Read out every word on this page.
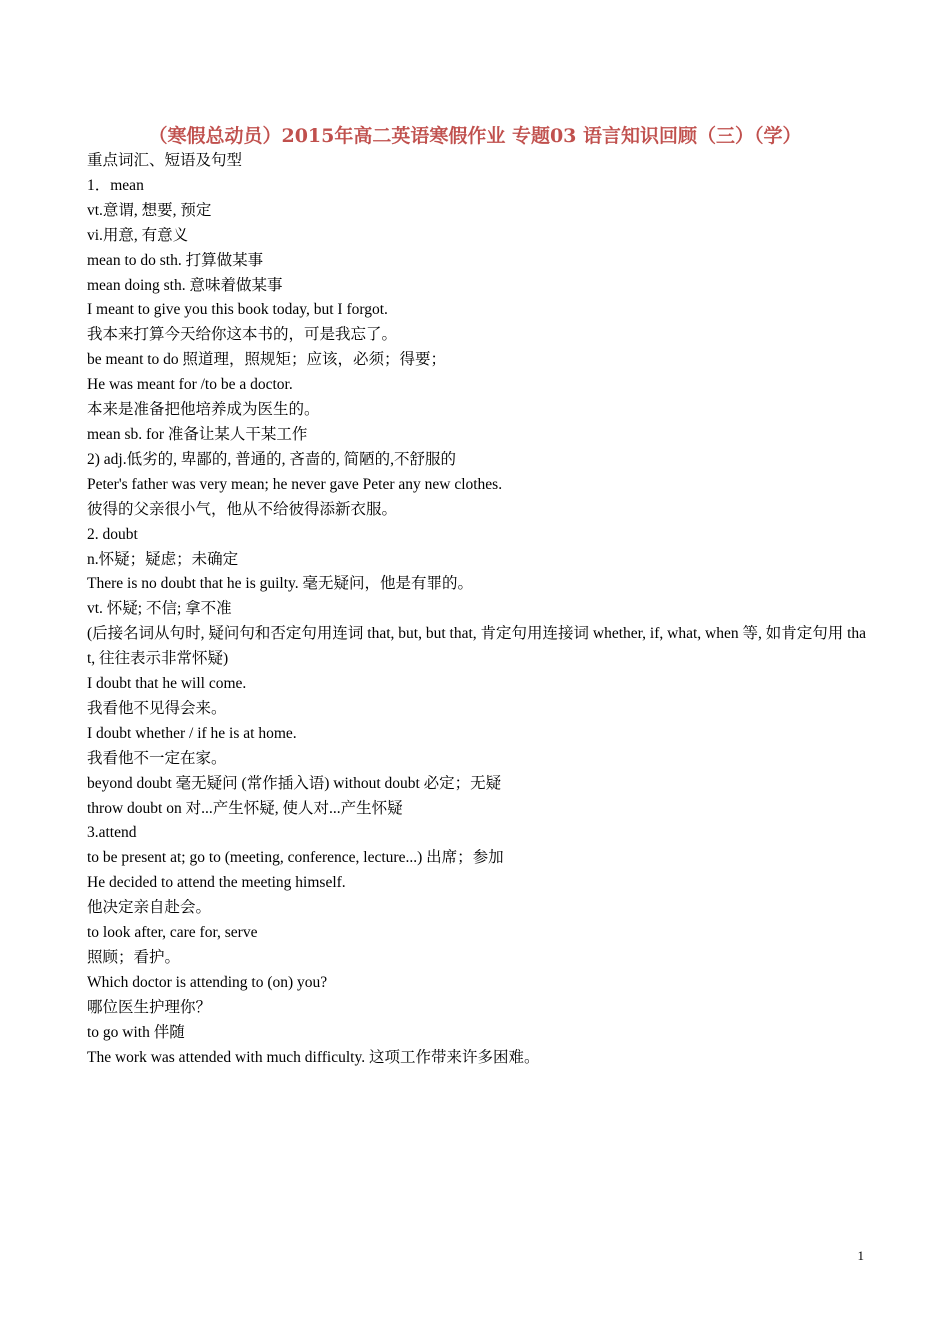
（寒假总动员）2015年高二英语寒假作业 专题03 语言知识回顾（三）（学）
重点词汇、短语及句型
1．mean
vt.意谓, 想要, 预定
vi.用意, 有意义
mean to do sth. 打算做某事
mean doing sth. 意味着做某事
I meant to give you this book today, but I forgot.
我本来打算今天给你这本书的，可是我忘了。
be meant to do 照道理，照规矩；应该，必须；得要；
He was meant for /to be a doctor.
本来是准备把他培养成为医生的。
mean sb. for 准备让某人干某工作
2) adj.低劣的, 卑鄙的, 普通的, 吝啬的, 简陋的,不舒服的
Peter's father was very mean; he never gave Peter any new clothes.
彼得的父亲很小气，他从不给彼得添新衣服。
2. doubt
n.怀疑；疑虑；未确定
There is no doubt that he is guilty. 毫无疑问，他是有罪的。
vt. 怀疑; 不信; 拿不准
(后接名词从句时, 疑问句和否定句用连词 that, but, but that, 肯定句用连接词 whether, if, what, when 等, 如肯定句用 that, 往往表示非常怀疑)
I doubt that he will come.
我看他不见得会来。
I doubt whether / if he is at home.
我看他不一定在家。
beyond doubt 毫无疑问 (常作插入语) without doubt 必定；无疑
throw doubt on 对...产生怀疑, 使人对...产生怀疑
3.attend
to be present at; go to (meeting, conference, lecture...) 出席；参加
He decided to attend the meeting himself.
他决定亲自赴会。
to look after, care for, serve
照顾；看护。
Which doctor is attending to (on) you?
哪位医生护理你？
to go with 伴随
The work was attended with much difficulty. 这项工作带来许多困难。
1
